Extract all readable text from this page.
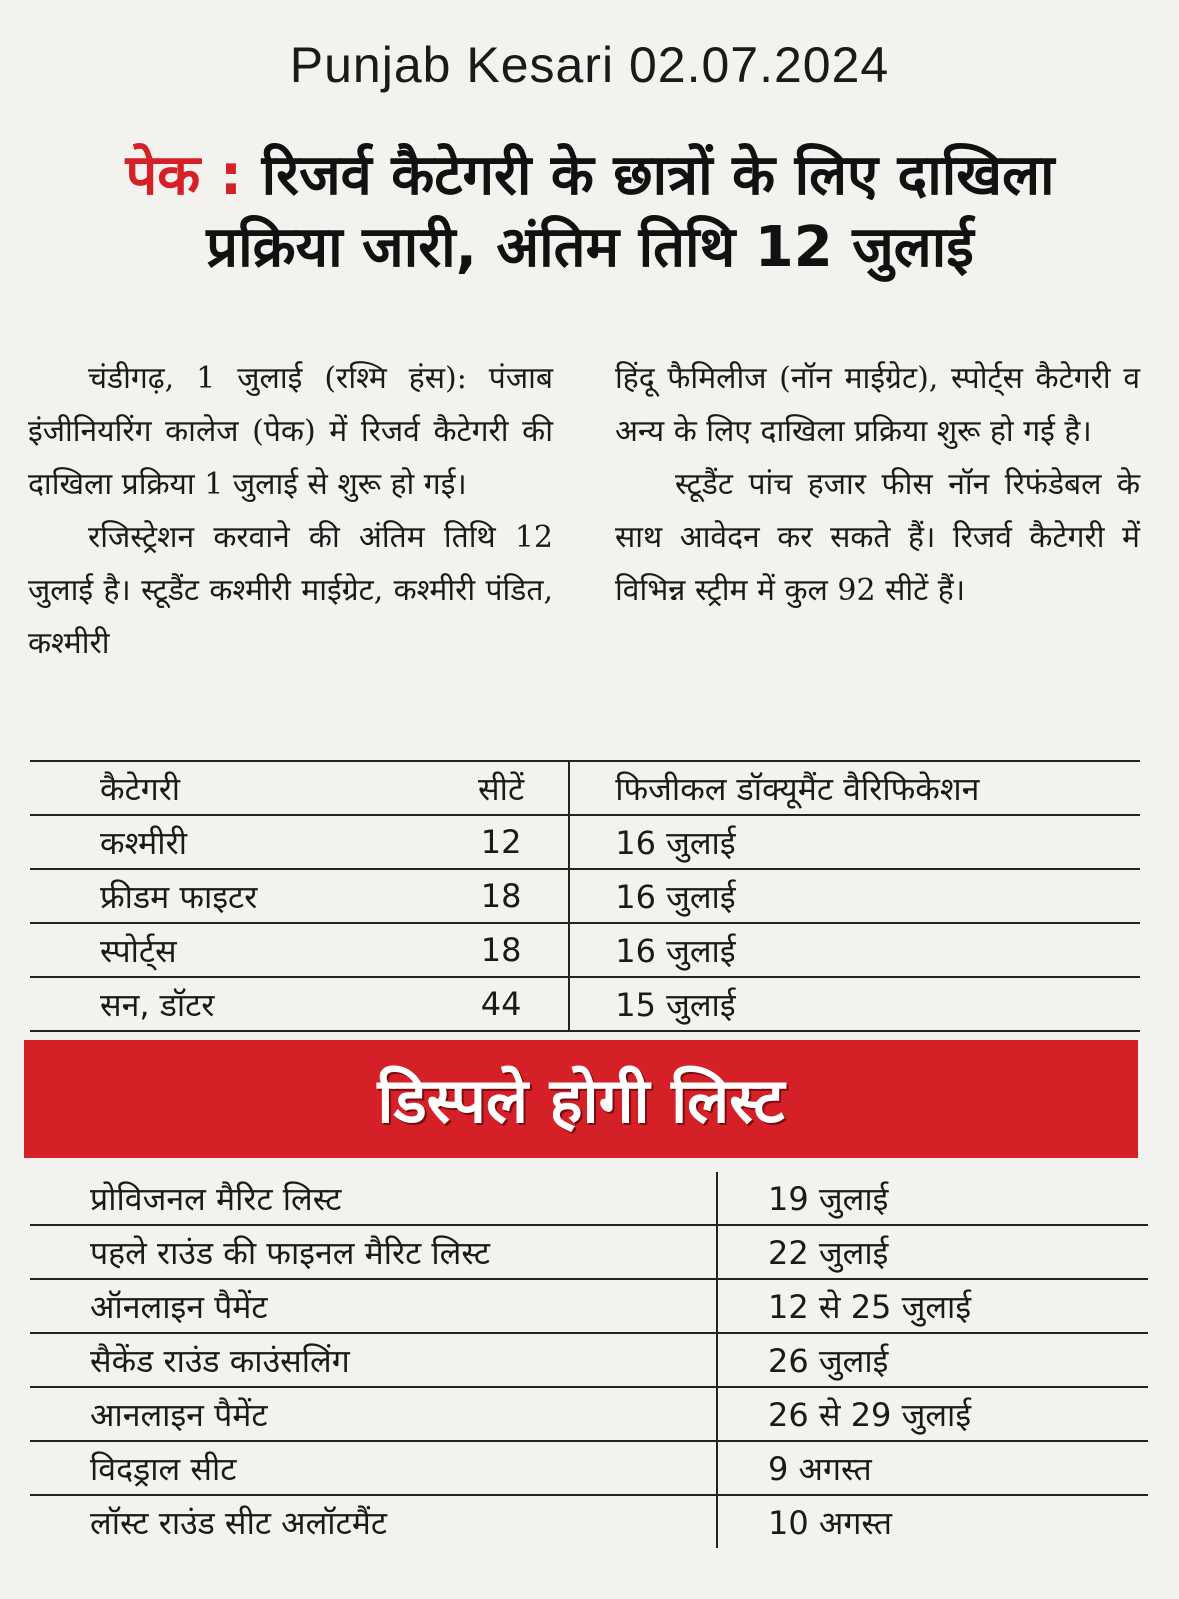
Punjab Kesari 02.07.2024
पेक : रिजर्व कैटेगरी के छात्रों के लिए दाखिला
प्रक्रिया जारी, अंतिम तिथि 12 जुलाई

चंडीगढ़, 1 जुलाई (रश्मि हंस): पंजाब इंजीनियरिंग कालेज (पेक) में रिजर्व कैटेगरी की दाखिला प्रक्रिया 1 जुलाई से शुरू हो गई।

रजिस्ट्रेशन करवाने की अंतिम तिथि 12 जुलाई है। स्टूडैंट कश्मीरी माईग्रेट, कश्मीरी पंडित, कश्मीरी

हिंदू फैमिलीज (नॉन माईग्रेट), स्पोर्ट्स कैटेगरी व अन्य के लिए दाखिला प्रक्रिया शुरू हो गई है।

स्टूडैंट पांच हजार फीस नॉन रिफंडेबल के साथ आवेदन कर सकते हैं। रिजर्व कैटेगरी में विभिन्न स्ट्रीम में कुल 92 सीटें हैं।

कैटेगरी	सीटें	फिजीकल डॉक्यूमैंट वैरिफिकेशन
कश्मीरी	12	16 जुलाई
फ्रीडम फाइटर	18	16 जुलाई
स्पोर्ट्स	18	16 जुलाई
सन, डॉटर	44	15 जुलाई
डिस्पले होगी लिस्ट
प्रोविजनल मैरिट लिस्ट	19 जुलाई
पहले राउंड की फाइनल मैरिट लिस्ट	22 जुलाई
ऑनलाइन पैमेंट	12 से 25 जुलाई
सैकेंड राउंड काउंसलिंग	26 जुलाई
आनलाइन पैमेंट	26 से 29 जुलाई
विदड्राल सीट	9 अगस्त
लॉस्ट राउंड सीट अलॉटमैंट	10 अगस्त
